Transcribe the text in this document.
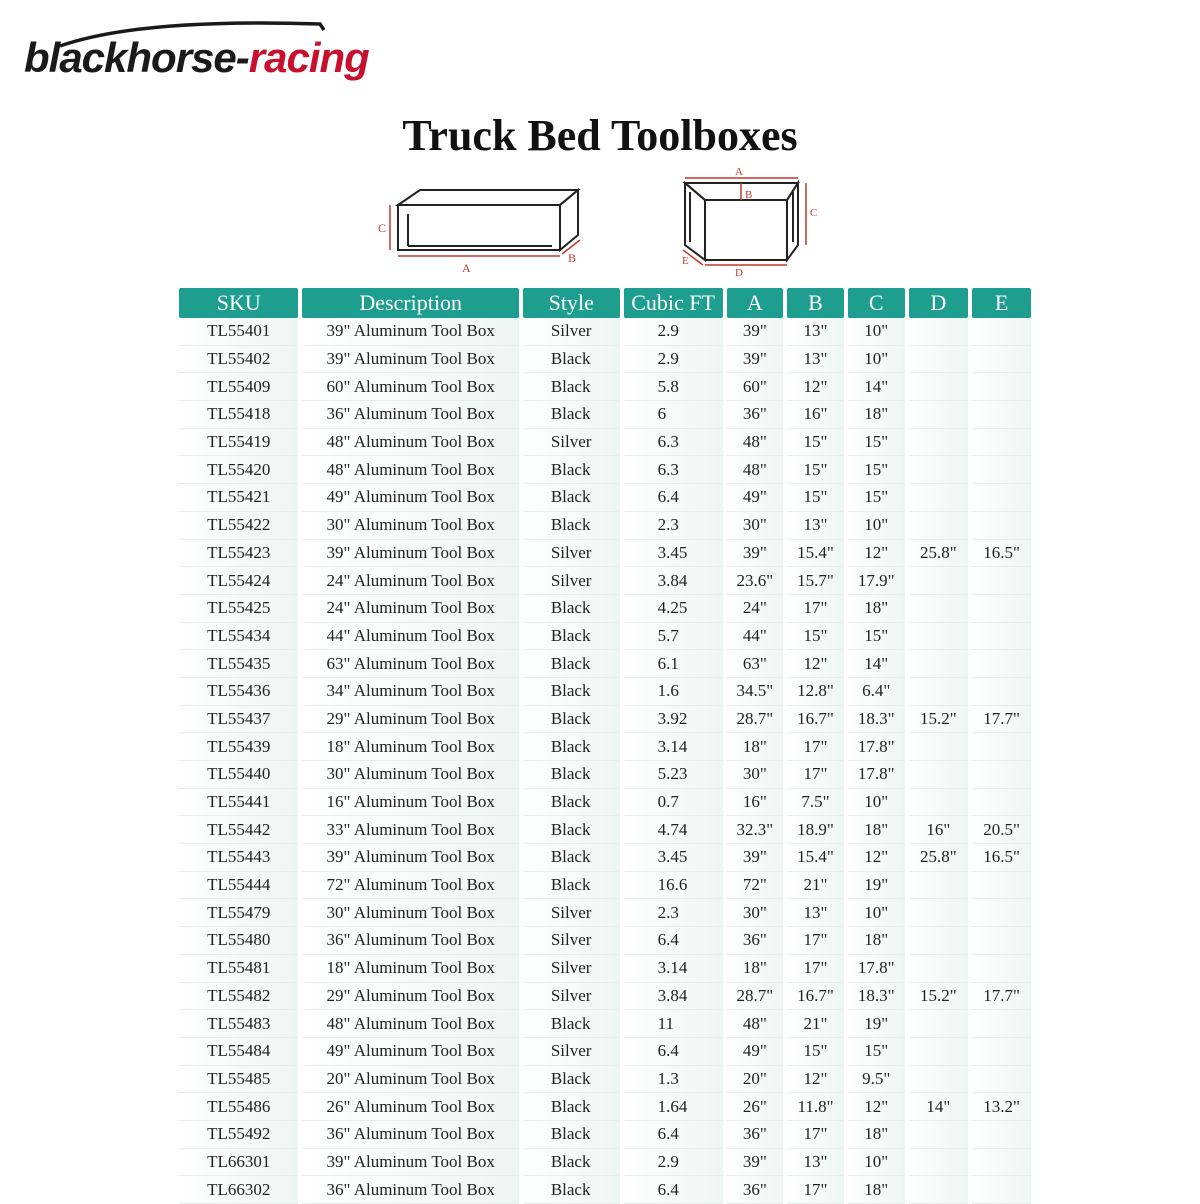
blackhorse-racing
Truck Bed Toolboxes
C
A
B
A
B
C
D
E
SKU	Description	Style	Cubic FT	A	B	C	D	E
TL55401	39" Aluminum Tool Box	Silver	2.9	39"	13"	10"		
TL55402	39" Aluminum Tool Box	Black	2.9	39"	13"	10"		
TL55409	60" Aluminum Tool Box	Black	5.8	60"	12"	14"		
TL55418	36" Aluminum Tool Box	Black	6	36"	16"	18"		
TL55419	48" Aluminum Tool Box	Silver	6.3	48"	15"	15"		
TL55420	48" Aluminum Tool Box	Black	6.3	48"	15"	15"		
TL55421	49" Aluminum Tool Box	Black	6.4	49"	15"	15"		
TL55422	30" Aluminum Tool Box	Black	2.3	30"	13"	10"		
TL55423	39" Aluminum Tool Box	Silver	3.45	39"	15.4"	12"	25.8"	16.5"
TL55424	24" Aluminum Tool Box	Silver	3.84	23.6"	15.7"	17.9"		
TL55425	24" Aluminum Tool Box	Black	4.25	24"	17"	18"		
TL55434	44" Aluminum Tool Box	Black	5.7	44"	15"	15"		
TL55435	63" Aluminum Tool Box	Black	6.1	63"	12"	14"		
TL55436	34" Aluminum Tool Box	Black	1.6	34.5"	12.8"	6.4"		
TL55437	29" Aluminum Tool Box	Black	3.92	28.7"	16.7"	18.3"	15.2"	17.7"
TL55439	18" Aluminum Tool Box	Black	3.14	18"	17"	17.8"		
TL55440	30" Aluminum Tool Box	Black	5.23	30"	17"	17.8"		
TL55441	16" Aluminum Tool Box	Black	0.7	16"	7.5"	10"		
TL55442	33" Aluminum Tool Box	Black	4.74	32.3"	18.9"	18"	16"	20.5"
TL55443	39" Aluminum Tool Box	Black	3.45	39"	15.4"	12"	25.8"	16.5"
TL55444	72" Aluminum Tool Box	Black	16.6	72"	21"	19"		
TL55479	30" Aluminum Tool Box	Silver	2.3	30"	13"	10"		
TL55480	36" Aluminum Tool Box	Silver	6.4	36"	17"	18"		
TL55481	18" Aluminum Tool Box	Silver	3.14	18"	17"	17.8"		
TL55482	29" Aluminum Tool Box	Silver	3.84	28.7"	16.7"	18.3"	15.2"	17.7"
TL55483	48" Aluminum Tool Box	Black	11	48"	21"	19"		
TL55484	49" Aluminum Tool Box	Silver	6.4	49"	15"	15"		
TL55485	20" Aluminum Tool Box	Black	1.3	20"	12"	9.5"		
TL55486	26" Aluminum Tool Box	Black	1.64	26"	11.8"	12"	14"	13.2"
TL55492	36" Aluminum Tool Box	Black	6.4	36"	17"	18"		
TL66301	39" Aluminum Tool Box	Black	2.9	39"	13"	10"		
TL66302	36" Aluminum Tool Box	Black	6.4	36"	17"	18"		
